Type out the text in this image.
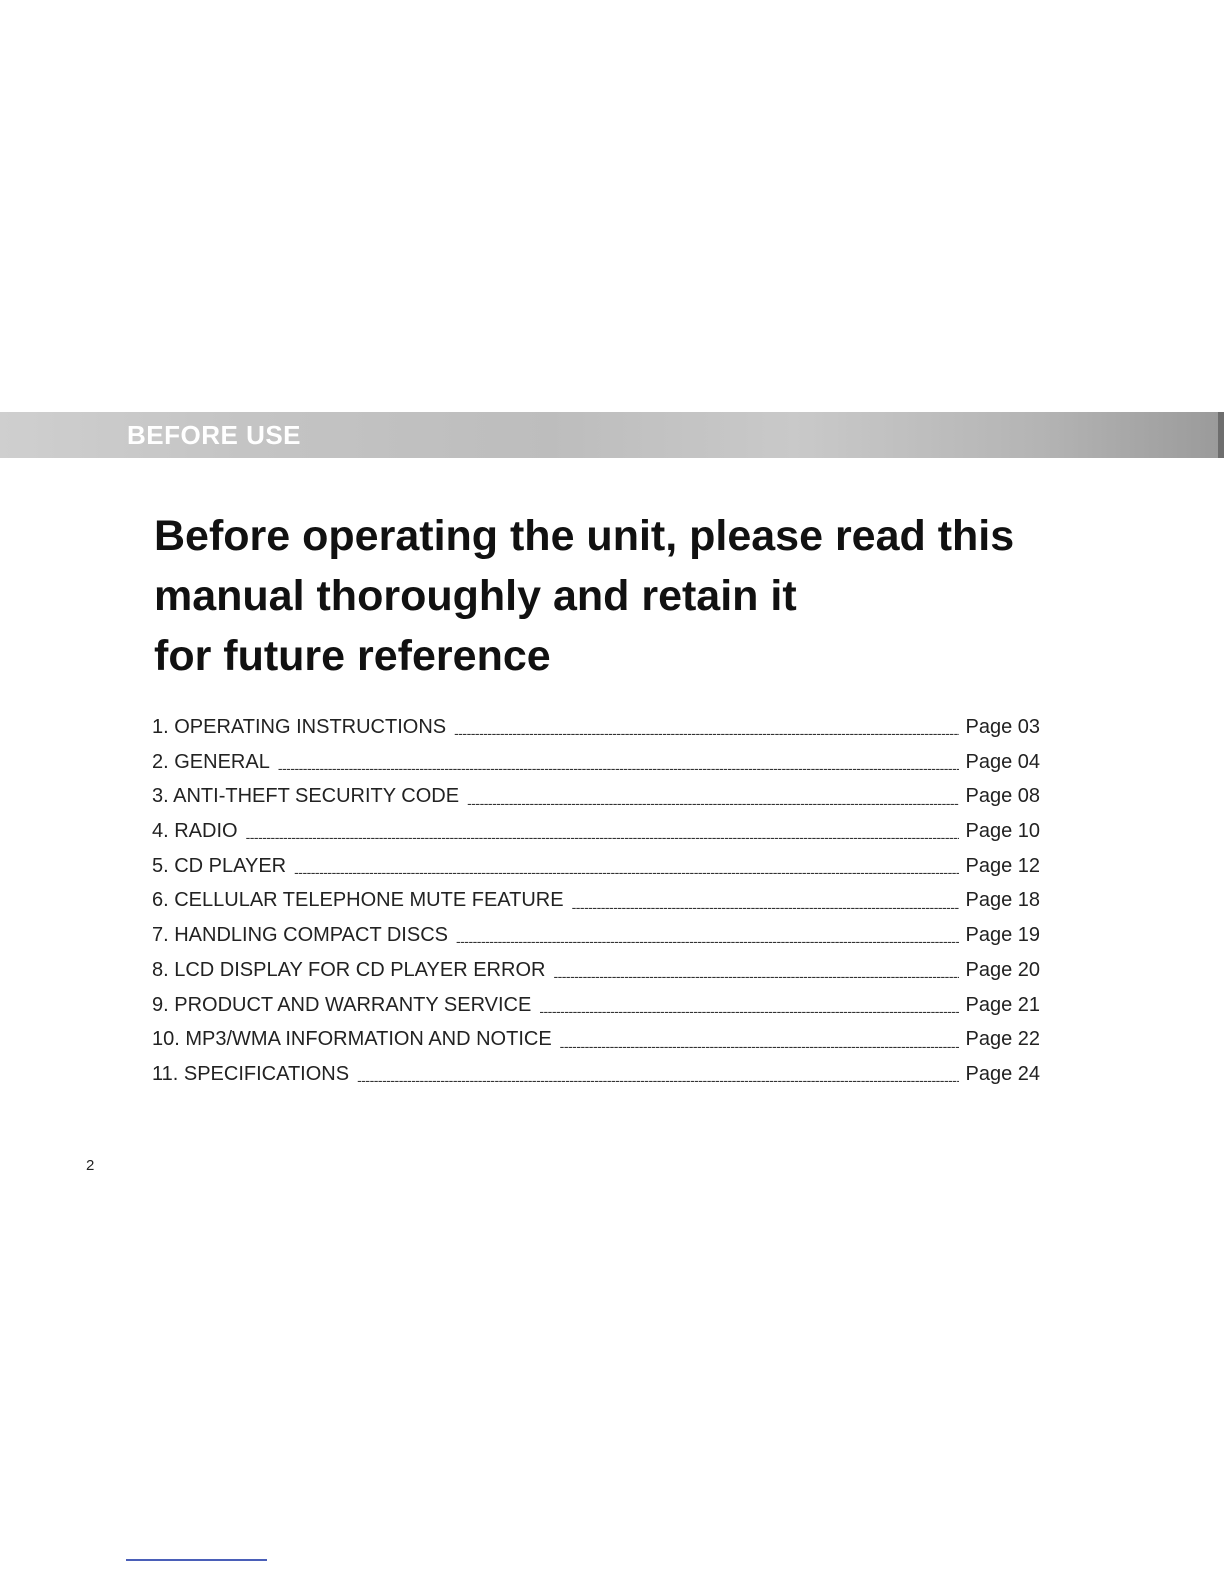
BEFORE USE
Before operating the unit, please read this
manual thoroughly and retain it
for future reference
1. OPERATING INSTRUCTIONS -----	Page 03
2. GENERAL -----	Page 04
3. ANTI-THEFT SECURITY CODE -----	Page 08
4. RADIO -----	Page 10
5. CD PLAYER -----	Page 12
6. CELLULAR TELEPHONE MUTE FEATURE -----	Page 18
7. HANDLING COMPACT DISCS -----	Page 19
8. LCD DISPLAY FOR CD PLAYER ERROR -----	Page 20
9. PRODUCT AND WARRANTY SERVICE -----	Page 21
10. MP3/WMA INFORMATION AND NOTICE -----	Page 22
11. SPECIFICATIONS -----	Page 24
2
